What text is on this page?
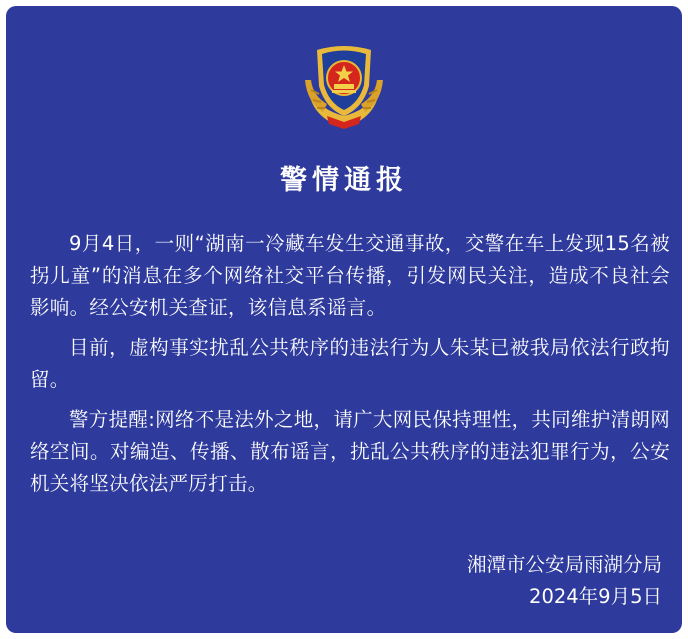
警情通报

9月4日，一则“湖南一冷藏车发生交通事故，交警在车上发现15名被拐儿童”的消息在多个网络社交平台传播，引发网民关注，造成不良社会影响。经公安机关查证，该信息系谣言。

目前，虚构事实扰乱公共秩序的违法行为人朱某已被我局依法行政拘留。

警方提醒:网络不是法外之地，请广大网民保持理性，共同维护清朗网络空间。对编造、传播、散布谣言，扰乱公共秩序的违法犯罪行为，公安机关将坚决依法严厉打击。

湘潭市公安局雨湖分局
2024年9月5日
